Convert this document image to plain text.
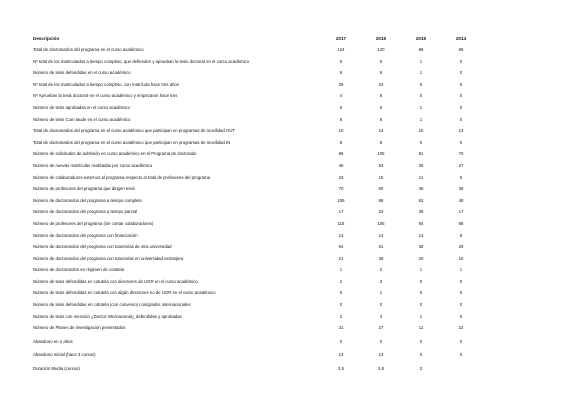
Descripción	2017	2016	2015	2014
Total de doctorandos del programa en el curso académico	124	120	86	65
Nº total de los matriculados a tiempo completo, que defienden y aprueban la tesis doctoral en el curso académico	5	5	1	0
Número de tesis defendidas en el curso académico	5	5	1	0
Nº total de los matriculados a tiempo completo, con matrícula hace tres años	29	24	0	0
Nº Aprueban la tesis doctoral en el curso académico y empezaron hace tres	4	5	0	0
Número de tesis aprobadas en el curso académico	5	5	1	0
Número de tesis Cum laude en el curso académico	5	5	1	0
Total de doctorandos del programa en el curso académico que participan en programas de movilidad OUT	10	14	15	13
Total de doctorandos del programa en el curso académico que participan en programas de movilidad IN	8	8	0	0
Número de solicitudes de admisión en curso académico en el Programa de doctorado	96	105	91	70
Número de nuevas matrículas realizadas por curso académico	46	53	35	27
Número de colaboradores externos al programa respecto al total de profesores del programa	23	15	11	5
Número de profesores del programa que dirigen tesis	70	60	46	38
Número de doctorandos del programa a tiempo completo	106	98	62	48
Número de doctorandos del programa a tiempo parcial	17	23	38	17
Número de profesores del programa (sin contar colaboradores)	116	106	94	88
Número de doctorandos del programa con financiación	13	14	13	8
Número de doctorandos del programa con tutores/as de otra universidad	64	61	38	29
Número de doctorandos del programa con tutores/as en universidad extranjera	21	39	20	16
Número de doctorandos en régimen de cotutela	1	2	1	1
Número de tesis defendidas en cotutela con directores de UGR en el curso académico	2	3	0	0
Número de tesis defendidas en cotutela con algún directores no de UGR en el curso académico	0	1	0	0
Número de tesis defendidas en cotutela (con convenio) con/grados internacionales	0	0	0	0
Número de tesis con mención ¿Doctor Internacional¿ defendidas y aprobadas	2	4	1	0
Número de Planes de investigación presentados	31	27	11	22
Abandono en n años	0	0	0	0
Abandono Inicial (hace 3 cursos)	13	13	0	0
Duración Media (cursos)	3,5	3,8	3
